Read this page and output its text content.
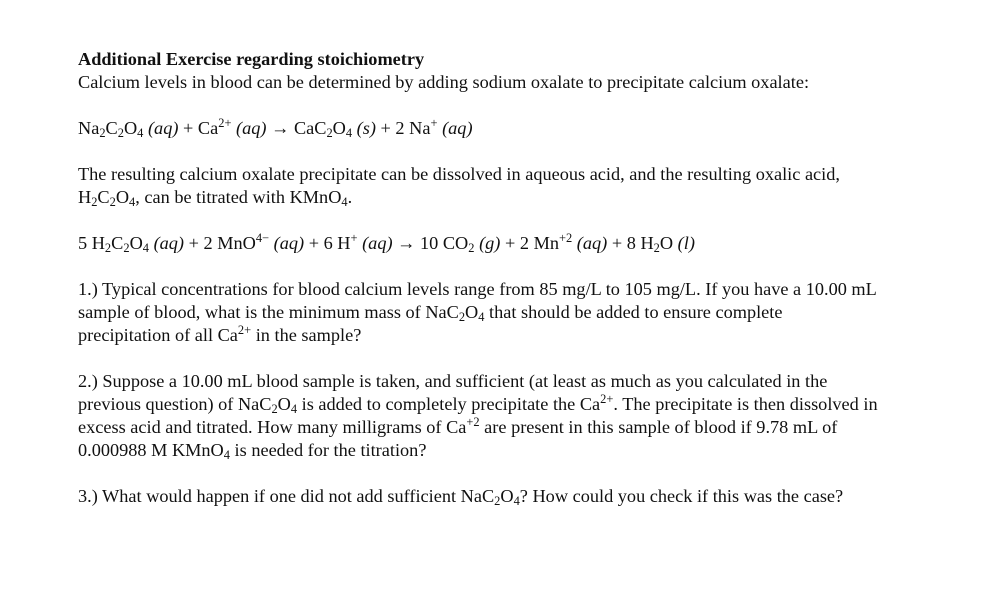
Additional Exercise regarding stoichiometry

Calcium levels in blood can be determined by adding sodium oxalate to precipitate calcium oxalate:

$Na_2C_2O_4$ $(aq) + Ca^{2+}$ $(aq) \to CaC_2O_4$ (s) + 2 Na+ (aq)

The resulting calcium oxalate precipitate can be dissolved in aqueous acid, and the resulting oxalic acid, $H_2C_2O_4$, can be titrated with KMnO$_4$.

5 $H_2C_2O_4$ (aq) + 2 MnO$^{4-}$ (aq) + 6 H+ (aq) → 10 $CO_2$ (g) + 2 $Mn^{+2}$ (aq) + 8 $H_2O$ (l)

1.) Typical concentrations for blood calcium levels range from 85 mg/L to 105 mg/L. If you have a 10.00 mL sample of blood, what is the minimum mass of $NaC_2O_4$ that should be added to ensure complete precipitation of all $Ca^{2+}$ in the sample?

2.) Suppose a 10.00 mL blood sample is taken, and sufficient (at least as much as you calculated in the previous question) of $NaC_2O_4$ is added to completely precipitate the $Ca^{2+}$. The precipitate is then dissolved in excess acid and titrated. How many milligrams of $Ca^{+2}$ are present in this sample of blood if 9.78 mL of 0.000988 M KMnO$_4$ is needed for the titration?

3.) What would happen if one did not add sufficient $NaC_2O_4$? How could you check if this was the case?
